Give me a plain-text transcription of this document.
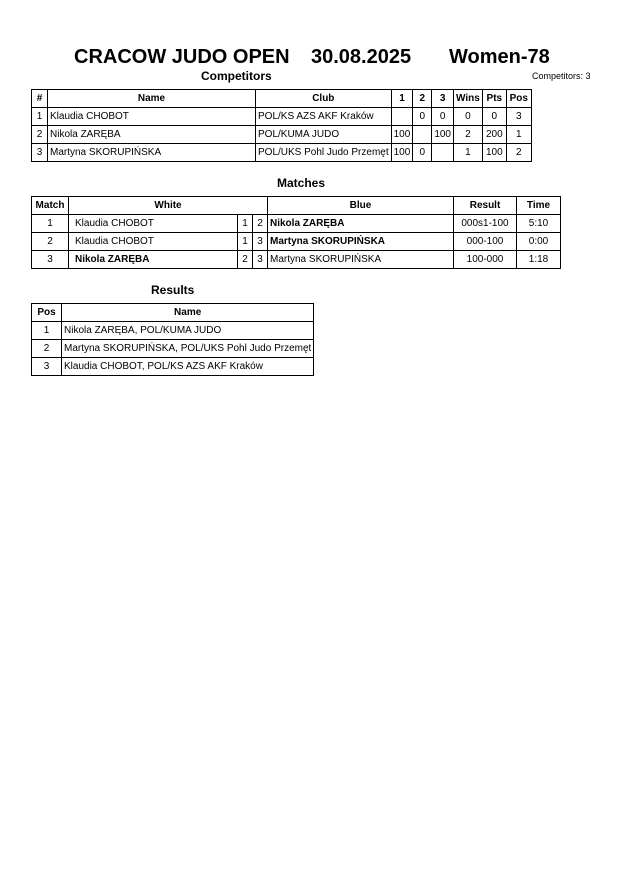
CRACOW JUDO OPEN 30.08.2025 Women-78
Competitors	Competitors: 3
#	Name	Club	1	2	3	Wins	Pts	Pos
1	Klaudia CHOBOT	POL/KS AZS AKF Kraków		0	0	0	0	3
2	Nikola ZARĘBA	POL/KUMA JUDO	100		100	2	200	1
3	Martyna SKORUPIŃSKA	POL/UKS Pohl Judo Przemęt	100	0		1	100	2
Matches
Match	White			Blue	Result	Time
1	Klaudia CHOBOT	1	2	Nikola ZARĘBA	000s1-100	5:10
2	Klaudia CHOBOT	1	3	Martyna SKORUPIŃSKA	000-100	0:00
3	Nikola ZARĘBA	2	3	Martyna SKORUPIŃSKA	100-000	1:18
Results
Pos	Name
1	Nikola ZARĘBA, POL/KUMA JUDO
2	Martyna SKORUPIŃSKA, POL/UKS Pohl Judo Przemęt
3	Klaudia CHOBOT, POL/KS AZS AKF Kraków
